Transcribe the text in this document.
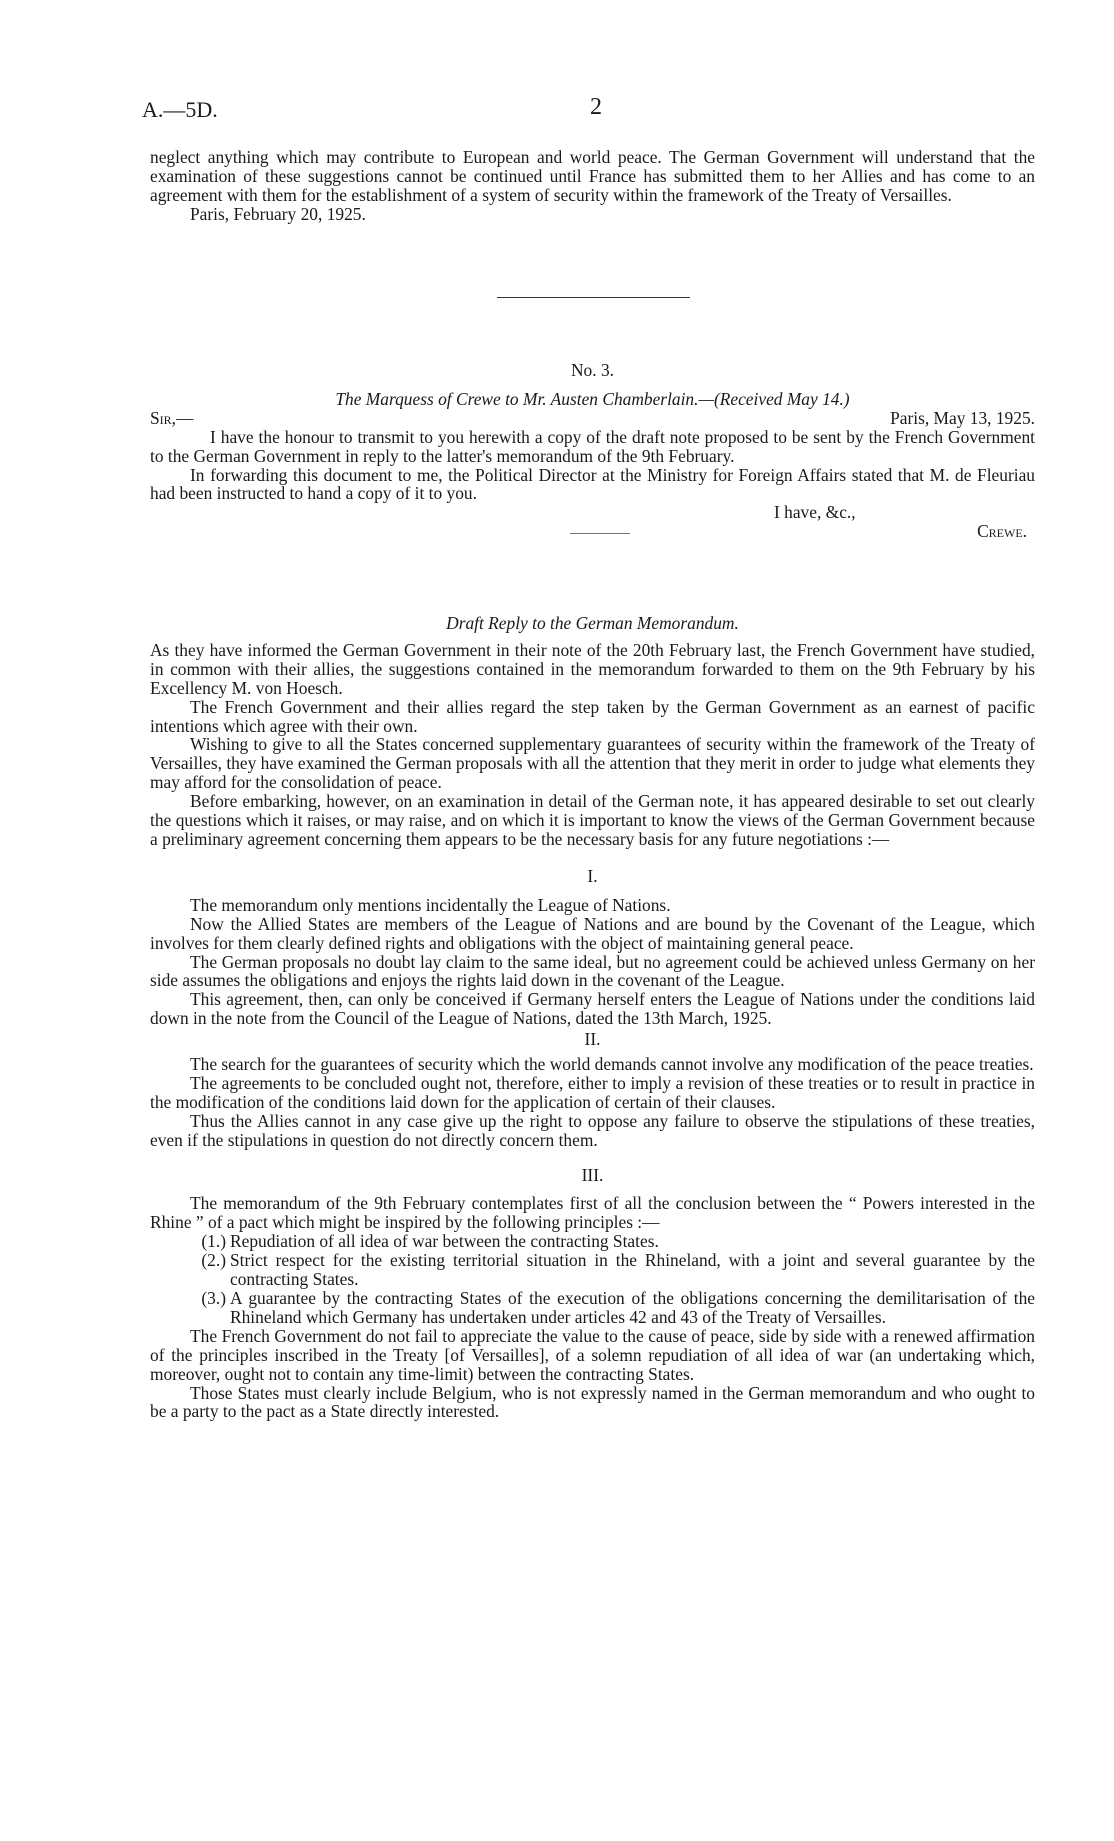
A.—5D.	2

neglect anything which may contribute to European and world peace. The German Government will understand that the examination of these suggestions cannot be continued until France has submitted them to her Allies and has come to an agreement with them for the establishment of a system of security within the framework of the Treaty of Versailles.

Paris, February 20, 1925.

No. 3.

The Marquess of Crewe to Mr. Austen Chamberlain.—(Received May 14.)

Sir,—	Paris, May 13, 1925.

I have the honour to transmit to you herewith a copy of the draft note proposed to be sent by the French Government to the German Government in reply to the latter's memorandum of the 9th February.

In forwarding this document to me, the Political Director at the Ministry for Foreign Affairs stated that M. de Fleuriau had been instructed to hand a copy of it to you.

I have, &c.,

Crewe.

Draft Reply to the German Memorandum.

As they have informed the German Government in their note of the 20th February last, the French Government have studied, in common with their allies, the suggestions contained in the memorandum forwarded to them on the 9th February by his Excellency M. von Hoesch.

The French Government and their allies regard the step taken by the German Government as an earnest of pacific intentions which agree with their own.

Wishing to give to all the States concerned supplementary guarantees of security within the framework of the Treaty of Versailles, they have examined the German proposals with all the attention that they merit in order to judge what elements they may afford for the consolidation of peace.

Before embarking, however, on an examination in detail of the German note, it has appeared desirable to set out clearly the questions which it raises, or may raise, and on which it is important to know the views of the German Government because a preliminary agreement concerning them appears to be the necessary basis for any future negotiations :—

I.

The memorandum only mentions incidentally the League of Nations.

Now the Allied States are members of the League of Nations and are bound by the Covenant of the League, which involves for them clearly defined rights and obligations with the object of maintaining general peace.

The German proposals no doubt lay claim to the same ideal, but no agreement could be achieved unless Germany on her side assumes the obligations and enjoys the rights laid down in the covenant of the League.

This agreement, then, can only be conceived if Germany herself enters the League of Nations under the conditions laid down in the note from the Council of the League of Nations, dated the 13th March, 1925.

II.

The search for the guarantees of security which the world demands cannot involve any modification of the peace treaties.

The agreements to be concluded ought not, therefore, either to imply a revision of these treaties or to result in practice in the modification of the conditions laid down for the application of certain of their clauses.

Thus the Allies cannot in any case give up the right to oppose any failure to observe the stipulations of these treaties, even if the stipulations in question do not directly concern them.

III.

The memorandum of the 9th February contemplates first of all the conclusion between the “ Powers interested in the Rhine ” of a pact which might be inspired by the following principles :—

(1.) Repudiation of all idea of war between the contracting States.
(2.) Strict respect for the existing territorial situation in the Rhineland, with a joint and several guarantee by the contracting States.
(3.) A guarantee by the contracting States of the execution of the obligations concerning the demilitarisation of the Rhineland which Germany has undertaken under articles 42 and 43 of the Treaty of Versailles.

The French Government do not fail to appreciate the value to the cause of peace, side by side with a renewed affirmation of the principles inscribed in the Treaty [of Versailles], of a solemn repudiation of all idea of war (an undertaking which, moreover, ought not to contain any time-limit) between the contracting States.

Those States must clearly include Belgium, who is not expressly named in the German memorandum and who ought to be a party to the pact as a State directly interested.
